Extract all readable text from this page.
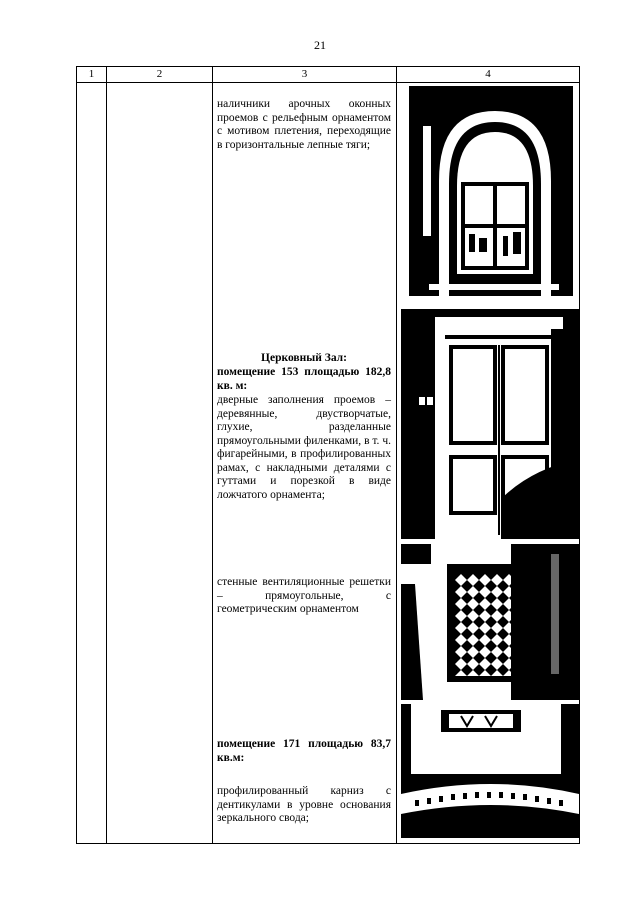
21
1	2	3	4
наличники арочных оконных проемов с рельефным орнаментом с мотивом плетения, переходящие в горизонтальные лепные тяги;
Церковный Зал:
помещение 153 площадью 182,8 кв. м:
дверные заполнения проемов – деревянные, двустворчатые, глухие, разделанные прямоугольными филенками, в т. ч. фигарейными, в профилированных рамах, с накладными деталями с гуттами и порезкой в виде ложчатого орнамента;
стенные вентиляционные решетки – прямоугольные, с геометрическим орнаментом
помещение 171 площадью 83,7 кв.м:
профилированный карниз с дентикулами в уровне основания зеркального свода;
